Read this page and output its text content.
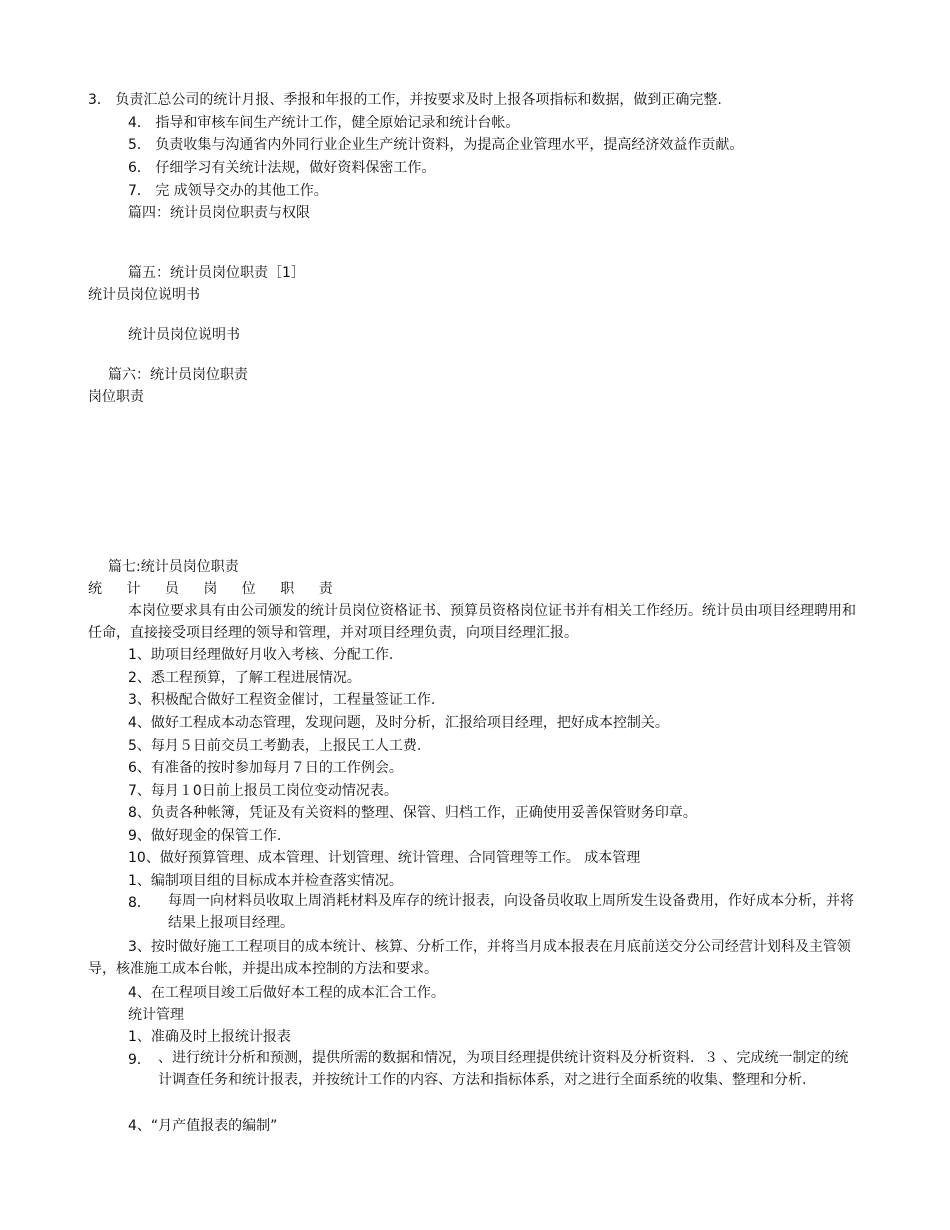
3． 负责汇总公司的统计月报、季报和年报的工作，并按要求及时上报各项指标和数据，做到正确完整.
4． 指导和审核车间生产统计工作，健全原始记录和统计台帐。
5． 负责收集与沟通省内外同行业企业生产统计资料，为提高企业管理水平，提高经济效益作贡献。
6． 仔细学习有关统计法规，做好资料保密工作。
7． 完 成领导交办的其他工作。
篇四：统计员岗位职责与权限
篇五：统计员岗位职责［1］
统计员岗位说明书
统计员岗位说明书
篇六：统计员岗位职责
岗位职责
篇七:统计员岗位职责
统 计 员 岗 位 职 责
本岗位要求具有由公司颁发的统计员岗位资格证书、预算员资格岗位证书并有相关工作经历。统计员由项目经理聘用和任命，直接接受项目经理的领导和管理，并对项目经理负责，向项目经理汇报。
1、助项目经理做好月收入考核、分配工作.
2、悉工程预算，了解工程进展情况。
3、积极配合做好工程资金催讨，工程量签证工作.
4、做好工程成本动态管理，发现问题，及时分析，汇报给项目经理，把好成本控制关。
5、每月５日前交员工考勤表，上报民工人工费.
6、有准备的按时参加每月７日的工作例会。
7、每月１0日前上报员工岗位变动情况表。
8、负责各种帐簿，凭证及有关资料的整理、保管、归档工作，正确使用妥善保管财务印章。
9、做好现金的保管工作.
10、做好预算管理、成本管理、计划管理、统计管理、合同管理等工作。 成本管理
1、编制项目组的目标成本并检查落实情况。
8． 每周一向材料员收取上周消耗材料及库存的统计报表，向设备员收取上周所发生设备费用，作好成本分析，并将结果上报项目经理。
3、按时做好施工工程项目的成本统计、核算、分析工作，并将当月成本报表在月底前送交分公司经营计划科及主管领导，核准施工成本台帐，并提出成本控制的方法和要求。
4、在工程项目竣工后做好本工程的成本汇合工作。
统计管理
1、准确及时上报统计报表
9． 、进行统计分析和预测，提供所需的数据和情况，为项目经理提供统计资料及分析资料．３ 、完成统一制定的统计调查任务和统计报表，并按统计工作的内容、方法和指标体系，对之进行全面系统的收集、整理和分析.
4、“月产值报表的编制”
